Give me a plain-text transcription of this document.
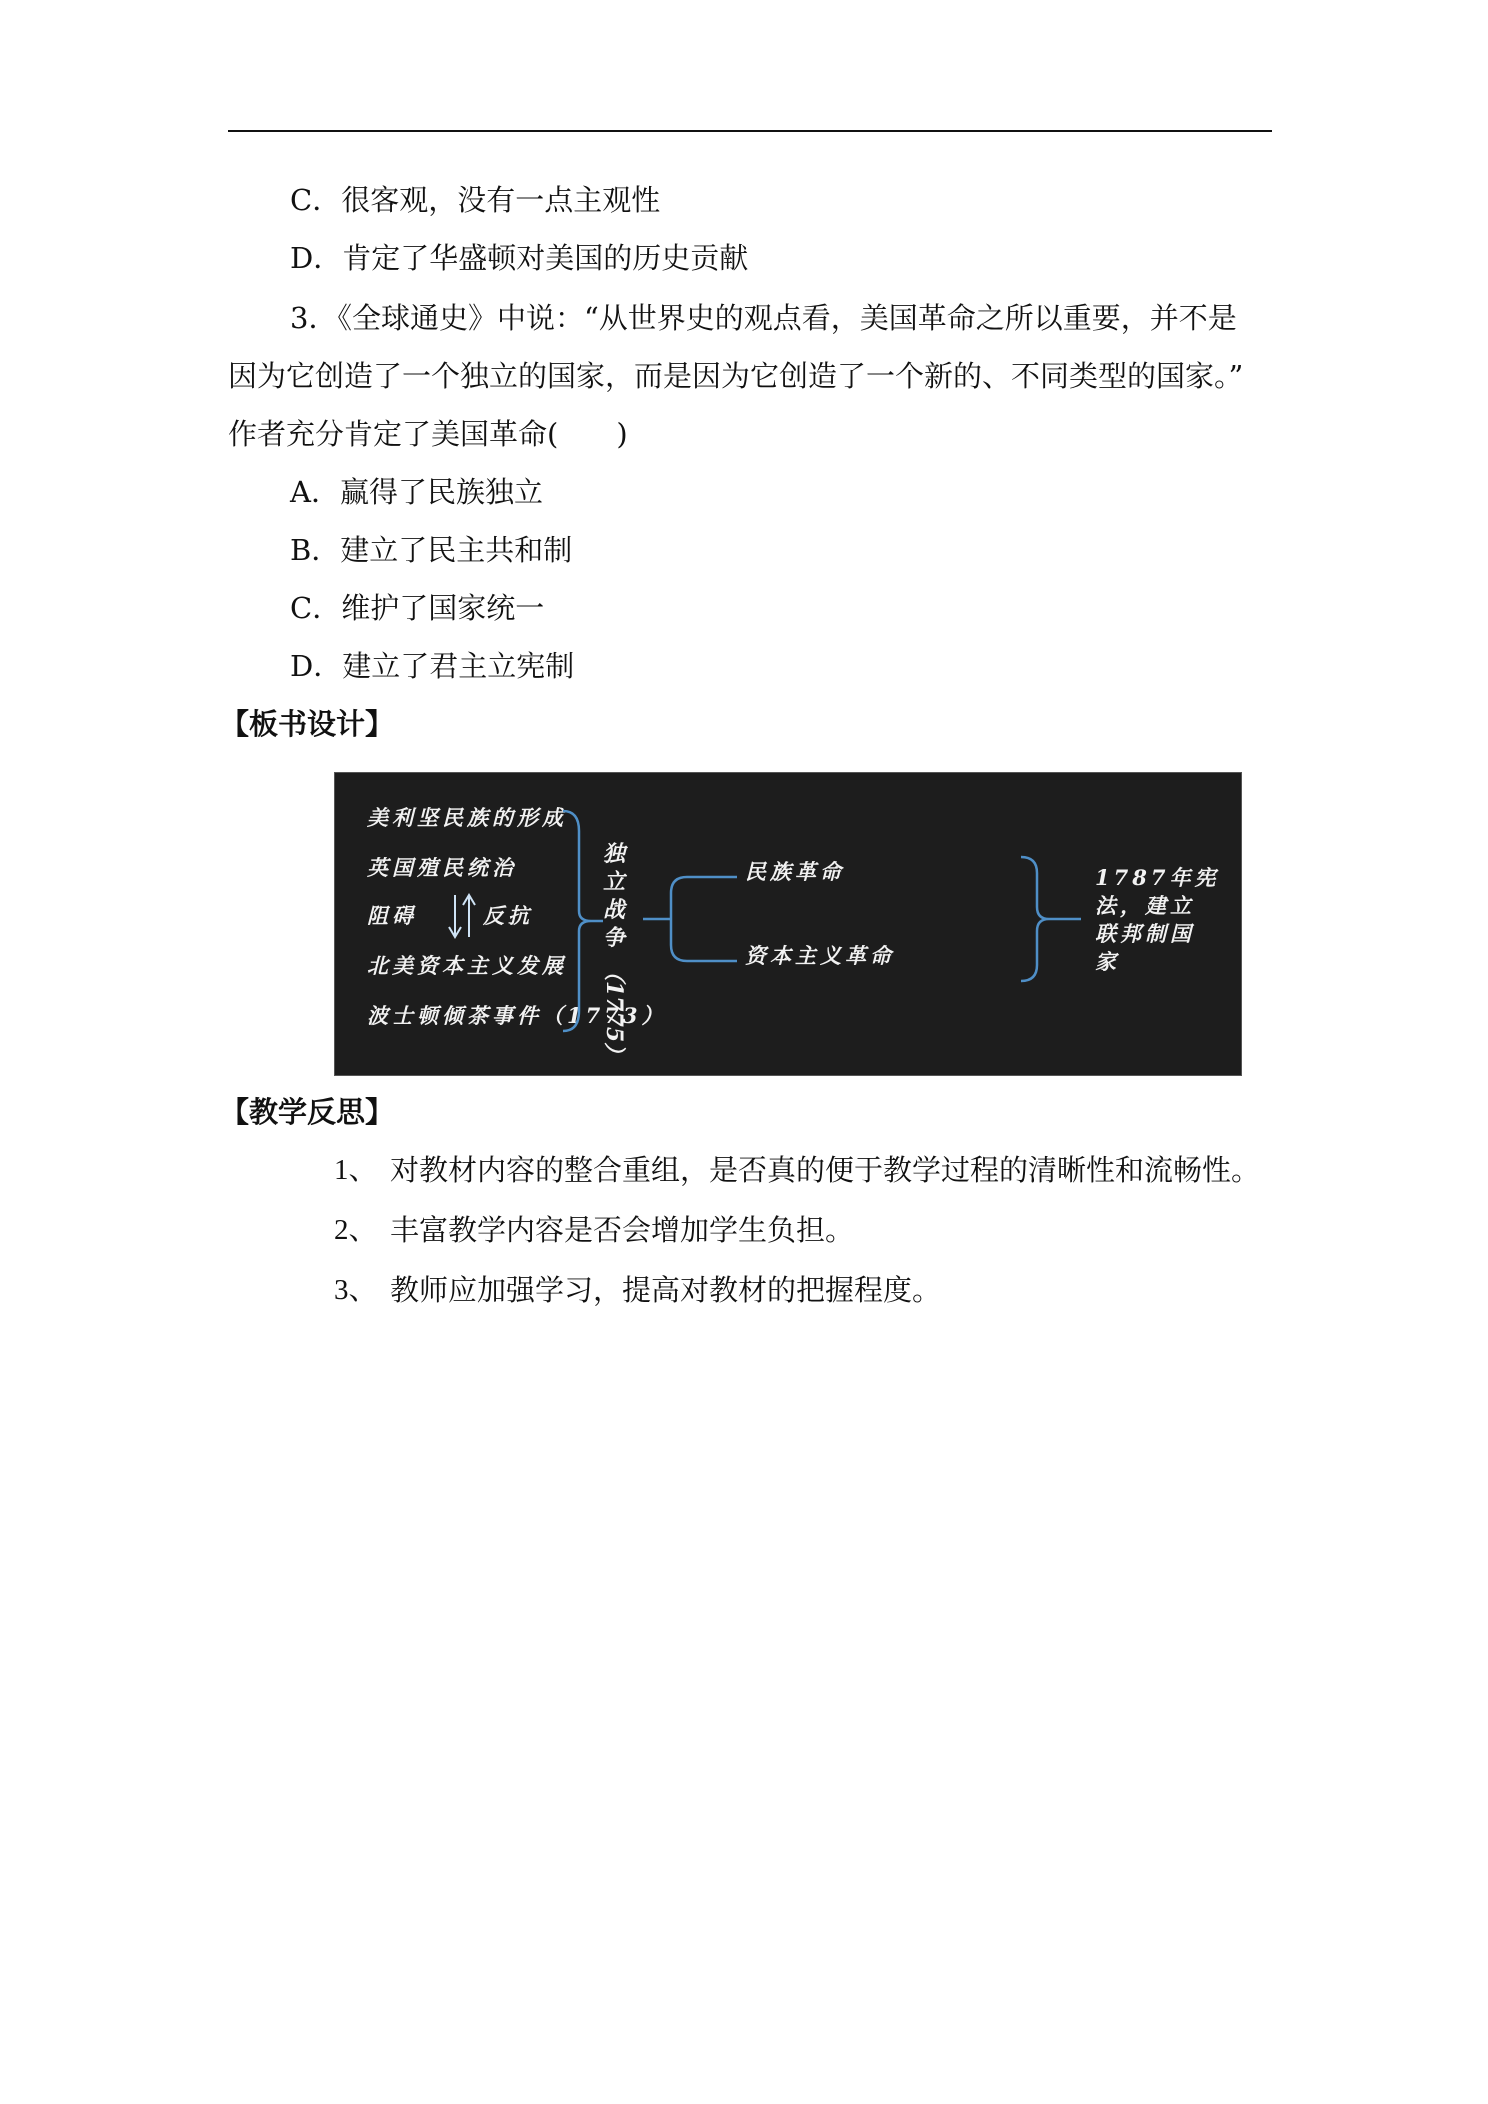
C．很客观，没有一点主观性
D．肯定了华盛顿对美国的历史贡献
3．《全球通史》中说：“从世界史的观点看，美国革命之所以重要，并不是
因为它创造了一个独立的国家，而是因为它创造了一个新的、不同类型的国家。”
作者充分肯定了美国革命(　　)
A．赢得了民族独立
B．建立了民主共和制
C．维护了国家统一
D．建立了君主立宪制
【板书设计】
美利坚民族的形成
英国殖民统治
阻碍	反抗
北美资本主义发展
波士顿倾茶事件（1773）
独
立
战
争
（1775）
民族革命
资本主义革命
1787年宪
法，建立
联邦制国
家
【教学反思】
1、 对教材内容的整合重组，是否真的便于教学过程的清晰性和流畅性。
2、 丰富教学内容是否会增加学生负担。
3、 教师应加强学习，提高对教材的把握程度。
